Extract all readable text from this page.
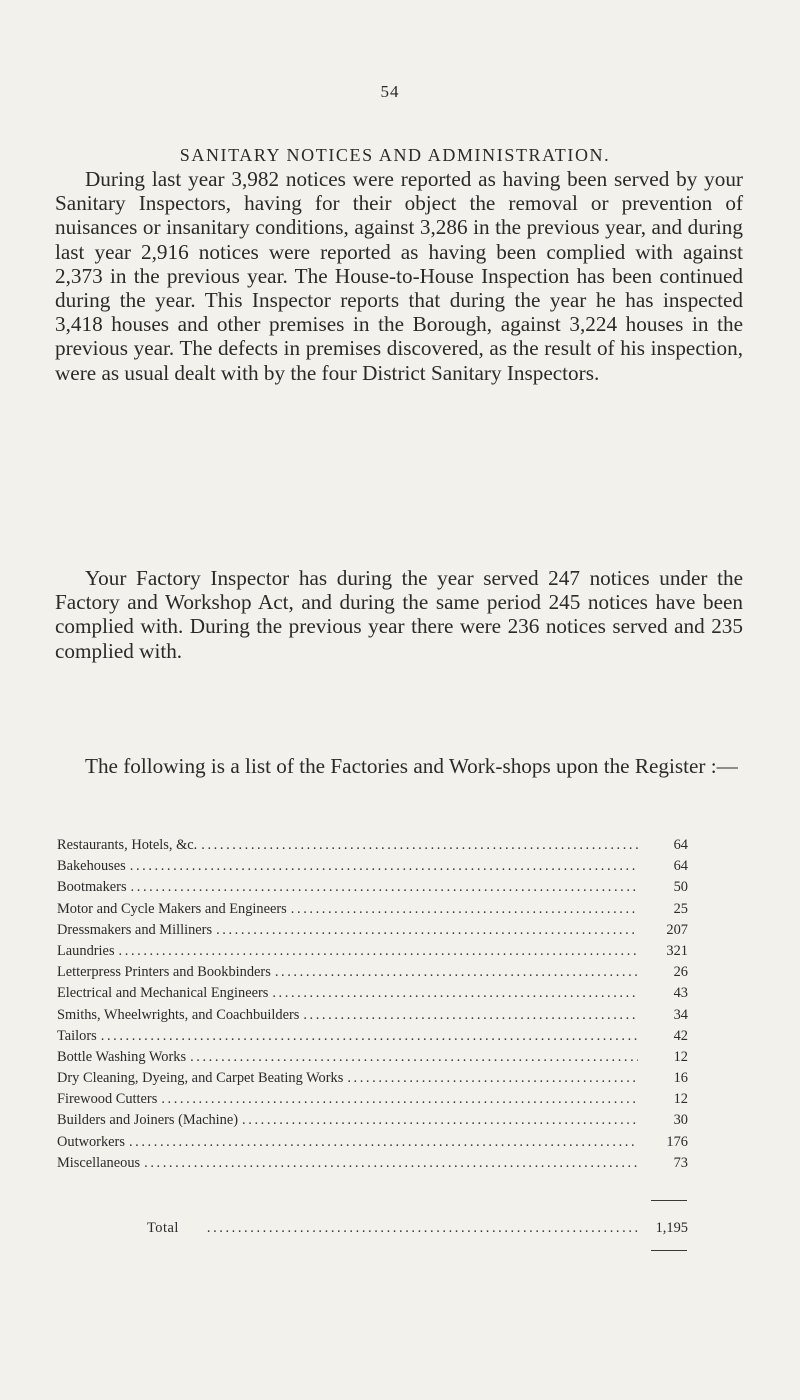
54
SANITARY NOTICES AND ADMINISTRATION.

During last year 3,982 notices were reported as having been served by your Sanitary Inspectors, having for their object the removal or prevention of nuisances or insanitary conditions, against 3,286 in the previous year, and during last year 2,916 notices were reported as having been complied with against 2,373 in the previous year. The House-to-House Inspection has been continued during the year. This Inspector reports that during the year he has inspected 3,418 houses and other premises in the Borough, against 3,224 houses in the previous year. The defects in premises discovered, as the result of his inspection, were as usual dealt with by the four District Sanitary Inspectors.

Your Factory Inspector has during the year served 247 notices under the Factory and Workshop Act, and during the same period 245 notices have been complied with. During the previous year there were 236 notices served and 235 complied with.

The following is a list of the Factories and Work-shops upon the Register :—

Restaurants, Hotels, &c. .....	64
Bakehouses .....	64
Bootmakers .....	50
Motor and Cycle Makers and Engineers .....	25
Dressmakers and Milliners .....	207
Laundries .....	321
Letterpress Printers and Bookbinders .....	26
Electrical and Mechanical Engineers .....	43
Smiths, Wheelwrights, and Coachbuilders .....	34
Tailors .....	42
Bottle Washing Works .....	12
Dry Cleaning, Dyeing, and Carpet Beating Works .....	16
Firewood Cutters .....	12
Builders and Joiners (Machine) .....	30
Outworkers .....	176
Miscellaneous .....	73
Total .....	1,195
